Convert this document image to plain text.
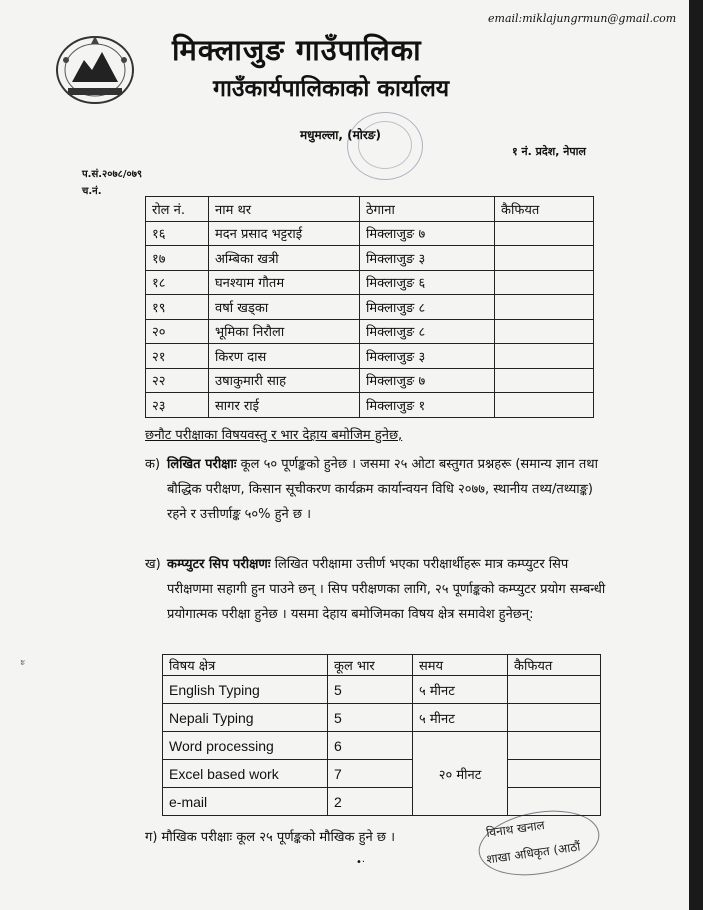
email:miklajungrmun@gmail.com
मिक्लाजुङ गाउँपालिका
गाउँकार्यपालिकाको कार्यालय
मधुमल्ला, (मोरङ)
१ नं. प्रदेश, नेपाल
प.सं.२०७८/०७९
च.नं.
रोल नं.	नाम थर	ठेगाना	कैफियत
१६	मदन प्रसाद भट्टराई	मिक्लाजुङ ७	
१७	अम्बिका खत्री	मिक्लाजुङ ३	
१८	घनश्याम गौतम	मिक्लाजुङ ६	
१९	वर्षा खड्का	मिक्लाजुङ ८	
२०	भूमिका निरौला	मिक्लाजुङ ८	
२१	किरण दास	मिक्लाजुङ ३	
२२	उषाकुमारी साह	मिक्लाजुङ ७	
२३	सागर राई	मिक्लाजुङ १	
छनौट परीक्षाका विषयवस्तु र भार देहाय बमोजिम हुनेछ,
क) लिखित परीक्षाः कूल ५० पूर्णङ्कको हुनेछ । जसमा २५ ओटा बस्तुगत प्रश्नहरू (समान्य ज्ञान तथा बौद्धिक परीक्षण, किसान सूचीकरण कार्यक्रम कार्यान्वयन विधि २०७७, स्थानीय तथ्य/तथ्याङ्क) रहने र उत्तीर्णाङ्क ५०% हुने छ ।
ख) कम्प्युटर सिप परीक्षणः लिखित परीक्षामा उत्तीर्ण भएका परीक्षार्थीहरू मात्र कम्प्युटर सिप परीक्षणमा सहागी हुन पाउने छन् । सिप परीक्षणका लागि, २५ पूर्णाङ्कको कम्प्युटर प्रयोग सम्बन्धी प्रयोगात्मक परीक्षा हुनेछ । यसमा देहाय बमोजिमका विषय क्षेत्र समावेश हुनेछन्:
विषय क्षेत्र	कूल भार	समय	कैफियत
English Typing	5	५ मीनट	
Nepali Typing	5	५ मीनट	
Word processing	6	२० मीनट	
Excel based work	7		
e-mail	2		
ग) मौखिक परीक्षाः कूल २५ पूर्णङ्कको मौखिक हुने छ ।	विनाथ खनाल
शाखा अधिकृत (आठौं
ะ
•·
